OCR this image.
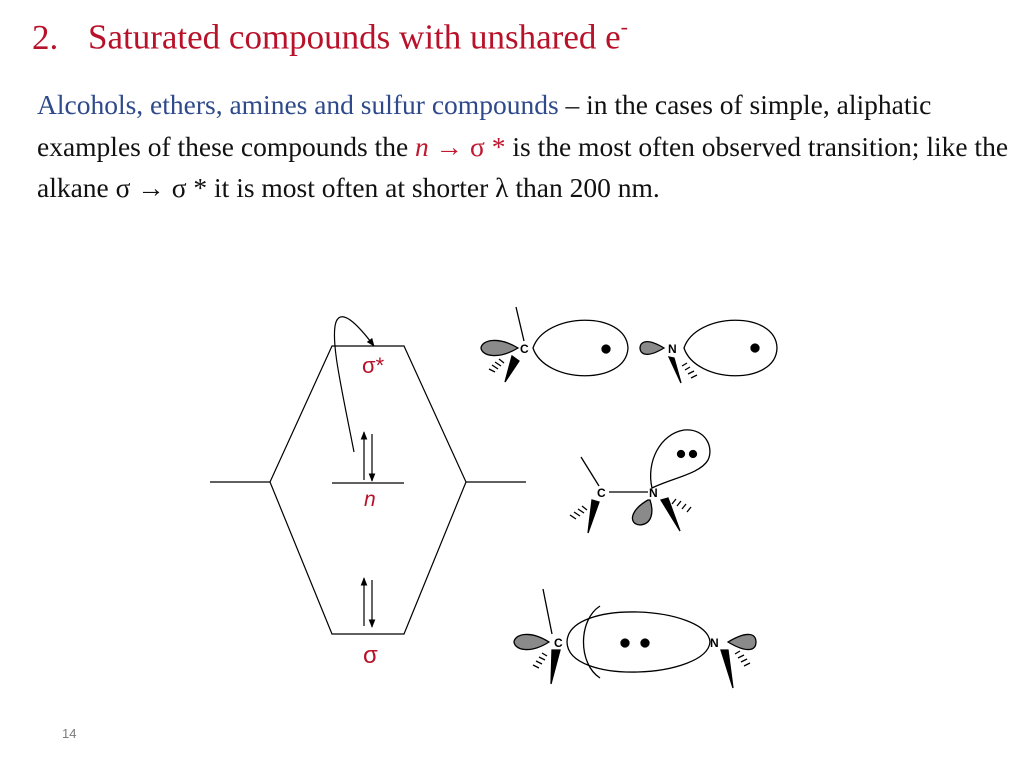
2. Saturated compounds with unshared e-

Alcohols, ethers, amines and sulfur compounds – in the cases of simple, aliphatic examples of these compounds the n → σ * is the most often observed transition; like the alkane σ → σ * it is most often at shorter λ than 200 nm.

σ*
n
σ
C	N
C	N
C	N
14
